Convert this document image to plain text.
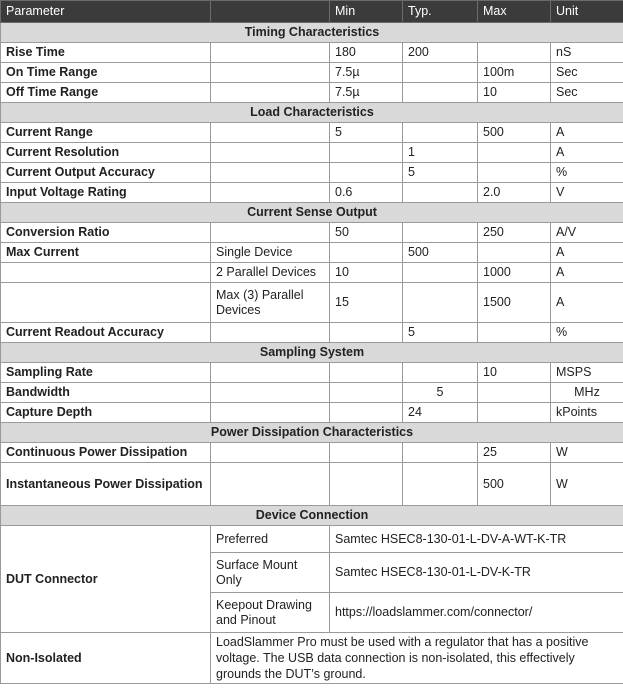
Parameter		Min	Typ.	Max	Unit
Timing Characteristics					
Rise Time		180	200		nS
On Time Range		7.5µ		100m	Sec
Off Time Range		7.5µ		10	Sec
Load Characteristics					
Current Range		5		500	A
Current Resolution			1		A
Current Output Accuracy			5		%
Input Voltage Rating		0.6		2.0	V
Current Sense Output					
Conversion Ratio		50		250	A/V
Max Current	Single Device		500		A
	2 Parallel Devices	10		1000	A
	Max (3) Parallel Devices	15		1500	A
Current Readout Accuracy			5		%
Sampling System					
Sampling Rate				10	MSPS
Bandwidth			5		MHz
Capture Depth			24		kPoints
Power Dissipation Characteristics					
Continuous Power Dissipation				25	W
Instantaneous Power Dissipation				500	W
Device Connection					
DUT Connector	Preferred	Samtec HSEC8-130-01-L-DV-A-WT-K-TR			
	Surface Mount Only	Samtec HSEC8-130-01-L-DV-K-TR			
	Keepout Drawing and Pinout	https://loadslammer.com/connector/			
Non-Isolated	LoadSlammer Pro must be used with a regulator that has a positive voltage. The USB data connection is non-isolated, this effectively grounds the DUT’s ground.				
